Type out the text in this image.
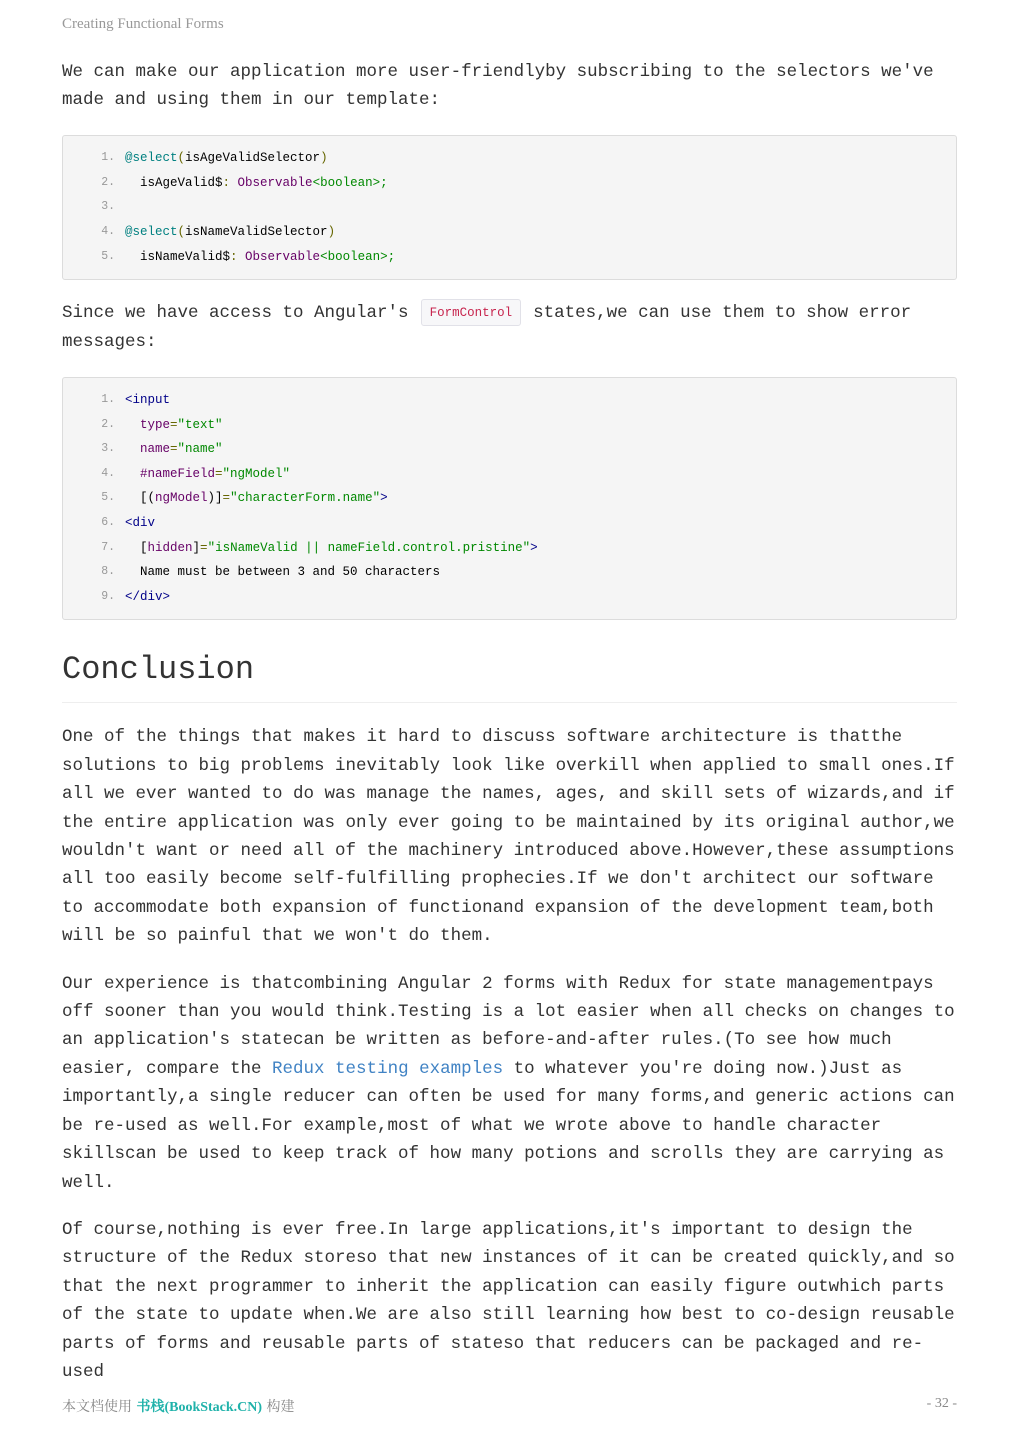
Creating Functional Forms

We can make our application more user-friendlyby subscribing to the selectors we've made and using them in our template:

1. @select(isAgeValidSelector)
2. isAgeValid$: Observable<boolean>;
3.
4. @select(isNameValidSelector)
5. isNameValid$: Observable<boolean>;

Since we have access to Angular's FormControl states,we can use them to show error messages:

1. <input
2.	type="text"
3.	name="name"
4.	#nameField="ngModel"
5. [(ngModel)]="characterForm.name">
6. <div
7. [hidden]="isNameValid || nameField.control.pristine">
8. Name must be between 3 and 50 characters
9. </div>
Conclusion

One of the things that makes it hard to discuss software architecture is thatthe solutions to big problems inevitably look like overkill when applied to small ones.If all we ever wanted to do was manage the names, ages, and skill sets of wizards,and if the entire application was only ever going to be maintained by its original author,we wouldn't want or need all of the machinery introduced above.However,these assumptions all too easily become self-fulfilling prophecies.If we don't architect our software to accommodate both expansion of functionand expansion of the development team,both will be so painful that we won't do them.

Our experience is thatcombining Angular 2 forms with Redux for state managementpays off sooner than you would think.Testing is a lot easier when all checks on changes to an application's statecan be written as before-and-after rules.(To see how much easier, compare the Redux testing examples to whatever you're doing now.)Just as importantly,a single reducer can often be used for many forms,and generic actions can be re-used as well.For example,most of what we wrote above to handle character skillscan be used to keep track of how many potions and scrolls they are carrying as well.

Of course,nothing is ever free.In large applications,it's important to design the structure of the Redux storeso that new instances of it can be created quickly,and so that the next programmer to inherit the application can easily figure outwhich parts of the state to update when.We are also still learning how best to co-design reusable parts of forms and reusable parts of stateso that reducers can be packaged and re-used

本文档使用 书栈(BookStack.CN) 构建	- 32 -
